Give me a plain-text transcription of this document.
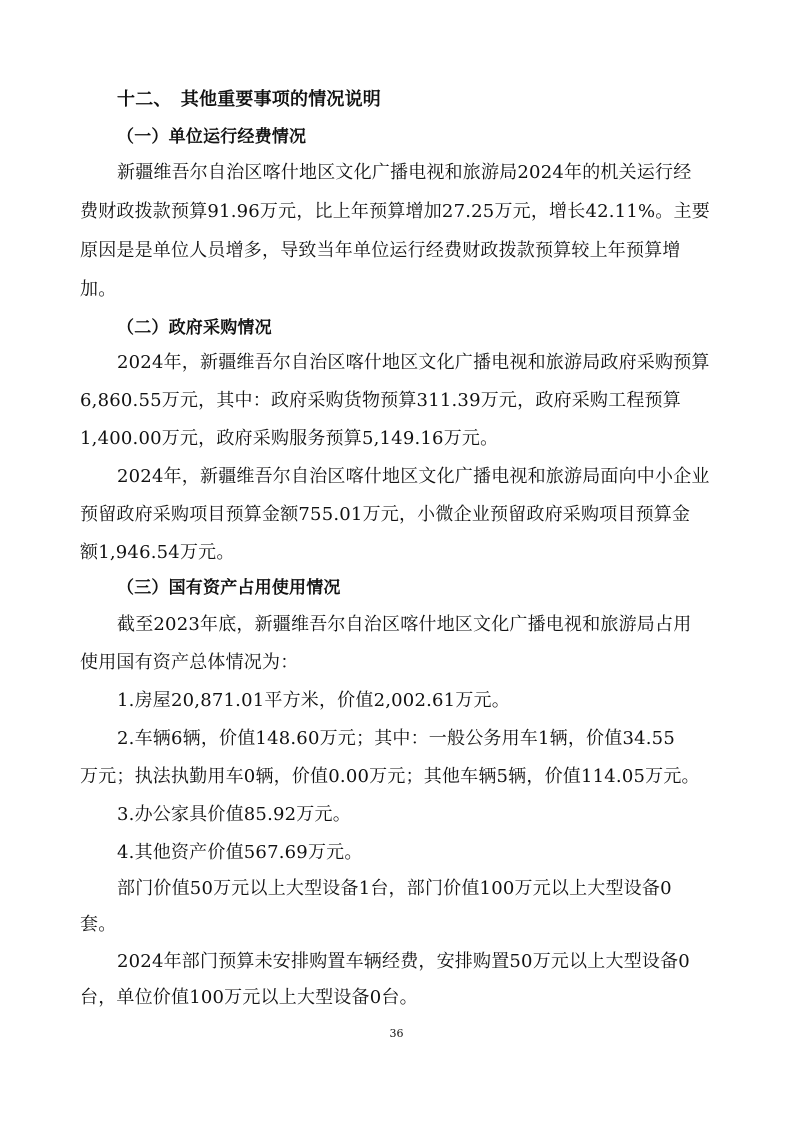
十二、　其他重要事项的情况说明
（一）单位运行经费情况
新疆维吾尔自治区喀什地区文化广播电视和旅游局2024年的机关运行经
费财政拨款预算91.96万元，比上年预算增加27.25万元，增长42.11%。主要
原因是是单位人员增多，导致当年单位运行经费财政拨款预算较上年预算增
加。
（二）政府采购情况
2024年，新疆维吾尔自治区喀什地区文化广播电视和旅游局政府采购预算
6,860.55万元，其中：政府采购货物预算311.39万元，政府采购工程预算
1,400.00万元，政府采购服务预算5,149.16万元。
2024年，新疆维吾尔自治区喀什地区文化广播电视和旅游局面向中小企业
预留政府采购项目预算金额755.01万元，小微企业预留政府采购项目预算金
额1,946.54万元。
（三）国有资产占用使用情况
截至2023年底，新疆维吾尔自治区喀什地区文化广播电视和旅游局占用
使用国有资产总体情况为：
1.房屋20,871.01平方米，价值2,002.61万元。
2.车辆6辆，价值148.60万元；其中：一般公务用车1辆，价值34.55
万元；执法执勤用车0辆，价值0.00万元；其他车辆5辆，价值114.05万元。
3.办公家具价值85.92万元。
4.其他资产价值567.69万元。
部门价值50万元以上大型设备1台，部门价值100万元以上大型设备0
套。
2024年部门预算未安排购置车辆经费，安排购置50万元以上大型设备0
台，单位价值100万元以上大型设备0台。
36
